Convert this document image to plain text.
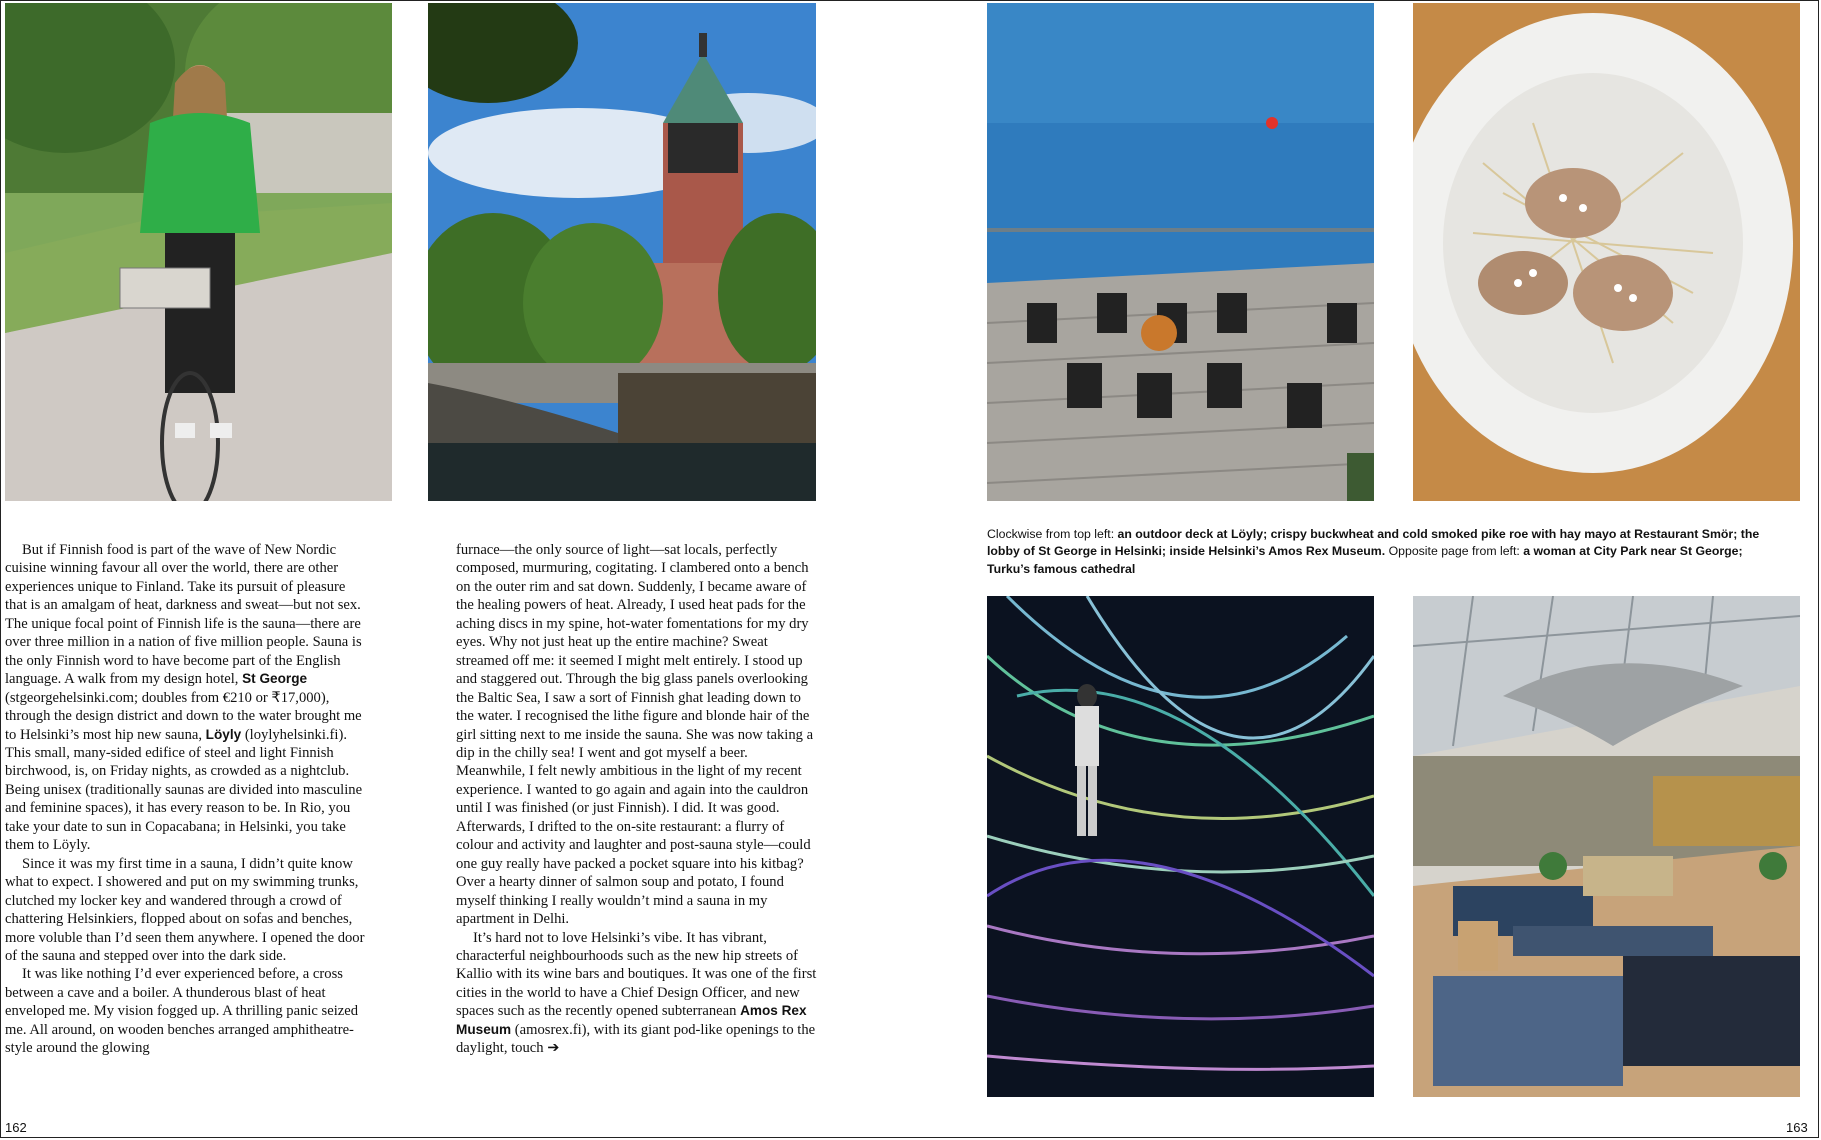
Clockwise from top left: an outdoor deck at Löyly; crispy buckwheat and cold smoked pike roe with hay mayo at Restaurant Smör; the lobby of St George in Helsinki; inside Helsinki’s Amos Rex Museum. Opposite page from left: a woman at City Park near St George; Turku’s famous cathedral

But if Finnish food is part of the wave of New Nordic cuisine winning favour all over the world, there are other experiences unique to Finland. Take its pursuit of pleasure that is an amalgam of heat, darkness and sweat—but not sex. The unique focal point of Finnish life is the sauna—there are over three million in a nation of five million people. Sauna is the only Finnish word to have become part of the English language. A walk from my design hotel, St George (stgeorgehelsinki.com; doubles from €210 or ₹17,000), through the design district and down to the water brought me to Helsinki’s most hip new sauna, Löyly (loylyhelsinki.fi). This small, many-sided edifice of steel and light Finnish birchwood, is, on Friday nights, as crowded as a nightclub. Being unisex (traditionally saunas are divided into masculine and feminine spaces), it has every reason to be. In Rio, you take your date to sun in Copacabana; in Helsinki, you take them to Löyly.

Since it was my first time in a sauna, I didn’t quite know what to expect. I showered and put on my swimming trunks, clutched my locker key and wandered through a crowd of chattering Helsinkiers, flopped about on sofas and benches, more voluble than I’d seen them anywhere. I opened the door of the sauna and stepped over into the dark side.

It was like nothing I’d ever experienced before, a cross between a cave and a boiler. A thunderous blast of heat enveloped me. My vision fogged up. A thrilling panic seized me. All around, on wooden benches arranged amphitheatre-style around the glowing

furnace—the only source of light—sat locals, perfectly composed, murmuring, cogitating. I clambered onto a bench on the outer rim and sat down. Suddenly, I became aware of the healing powers of heat. Already, I used heat pads for the aching discs in my spine, hot-water fomentations for my dry eyes. Why not just heat up the entire machine? Sweat streamed off me: it seemed I might melt entirely. I stood up and staggered out. Through the big glass panels overlooking the Baltic Sea, I saw a sort of Finnish ghat leading down to the water. I recognised the lithe figure and blonde hair of the girl sitting next to me inside the sauna. She was now taking a dip in the chilly sea! I went and got myself a beer. Meanwhile, I felt newly ambitious in the light of my recent experience. I wanted to go again and again into the cauldron until I was finished (or just Finnish). I did. It was good. Afterwards, I drifted to the on-site restaurant: a flurry of colour and activity and laughter and post-sauna style—could one guy really have packed a pocket square into his kitbag? Over a hearty dinner of salmon soup and potato, I found myself thinking I really wouldn’t mind a sauna in my apartment in Delhi.

It’s hard not to love Helsinki’s vibe. It has vibrant, characterful neighbourhoods such as the new hip streets of Kallio with its wine bars and boutiques. It was one of the first cities in the world to have a Chief Design Officer, and new spaces such as the recently opened subterranean Amos Rex Museum (amosrex.fi), with its giant pod-like openings to the daylight, touch ➔

162	163
